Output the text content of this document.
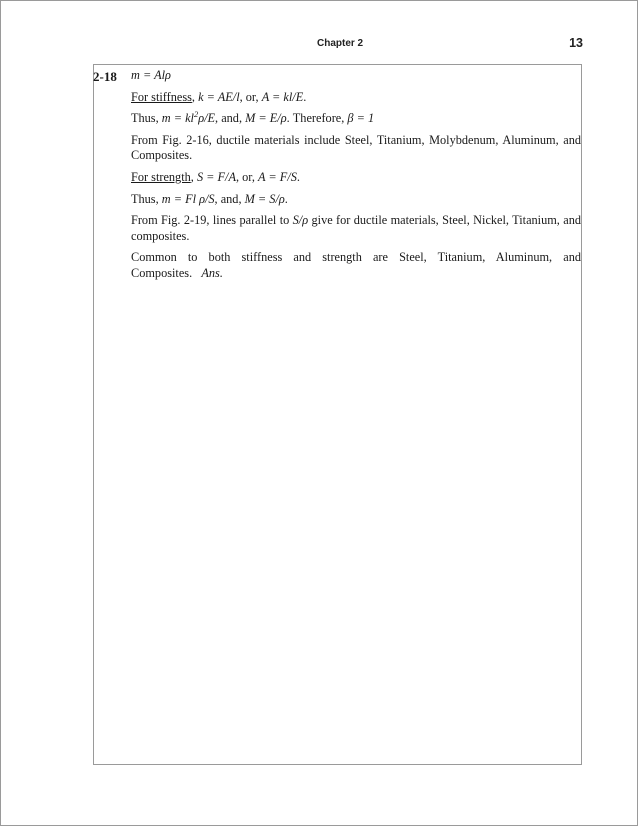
Chapter 2	13
2-18 m = Alρ

For stiffness, k = AE/l, or, A = kl/E.

Thus, $m = kl^2\rho/E$, and, M = E/ρ. Therefore, β = 1

From Fig. 2-16, ductile materials include Steel, Titanium, Molybdenum, Aluminum, and Composites.

For strength, S = F/A, or, A = F/S.

Thus, m = Fl ρ/S, and, M = S/ρ.

From Fig. 2-19, lines parallel to S/ρ give for ductile materials, Steel, Nickel, Titanium, and composites.

Common to both stiffness and strength are Steel, Titanium, Aluminum, and Composites. Ans.
